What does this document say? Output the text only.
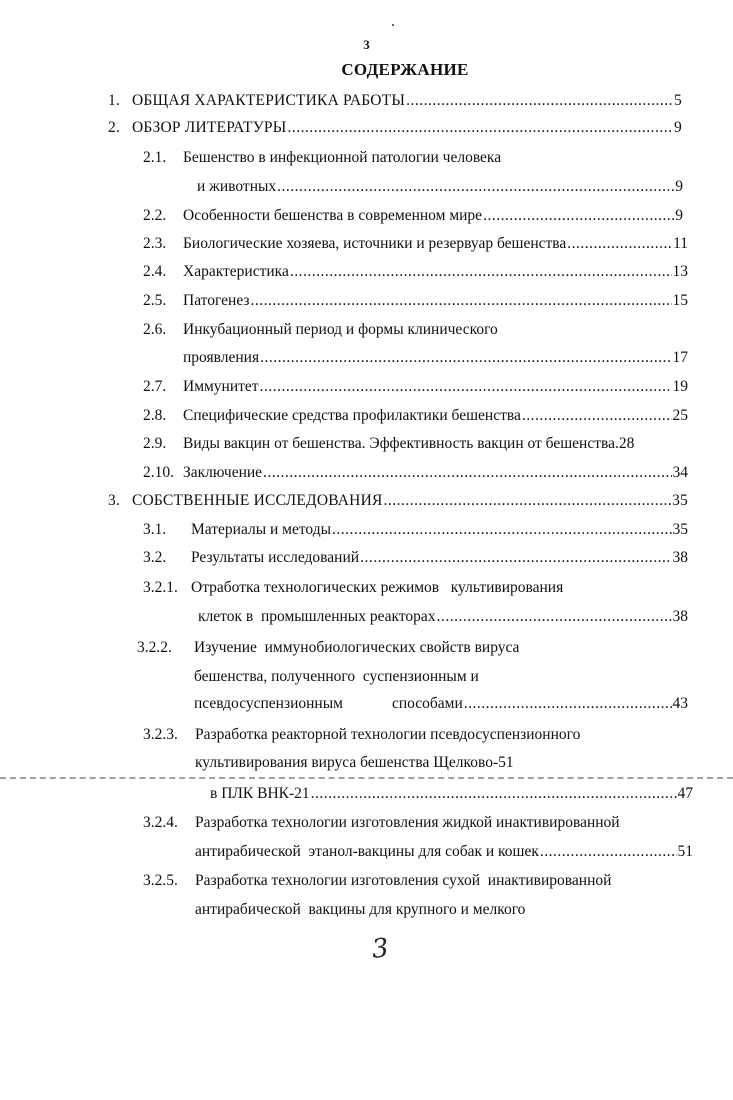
3
СОДЕРЖАНИЕ
1. ОБЩАЯ ХАРАКТЕРИСТИКА РАБОТЫ .....	5
2. ОБЗОР ЛИТЕРАТУРЫ .....	9
2.1.	Бешенство в инфекционной патологии человека
и животных .....	9
2.2.	Особенности бешенства в современном мире .....	9
2.3.	Биологические хозяева, источники и резервуар бешенства .....	11
2.4.	Характеристика .....	13
2.5.	Патогенез .....	15
2.6.	Инкубационный период и формы клинического
проявления .....	17
2.7.	Иммунитет .....	19
2.8.	Специфические средства профилактики бешенства .....	25
2.9.	Виды вакцин от бешенства. Эффективность вакцин от бешенства. 28
2.10. Заключение .....	34
3. СОБСТВЕННЫЕ ИССЛЕДОВАНИЯ .....	35
3.1.	Материалы и методы .....	35
3.2.	Результаты исследований .....	38
3.2.1. Отработка технологических режимов   культивирования
клеток в  промышленных реакторах .....	38
3.2.2.	Изучение  иммунобиологических свойств вируса
бешенства, полученного  суспензионным и
псевдосуспензионным	способами .....	43
3.2.3.	Разработка реакторной технологии псевдосуспензионного
культивирования вируса бешенства Щелково-51
в ПЛК ВНК-21 .....	47
3.2.4.	Разработка технологии изготовления жидкой инактивированной
антирабической  этанол-вакцины для собак и кошек .....	51
3.2.5.	Разработка технологии изготовления сухой  инактивированной
антирабической  вакцины для крупного и мелкого
3
